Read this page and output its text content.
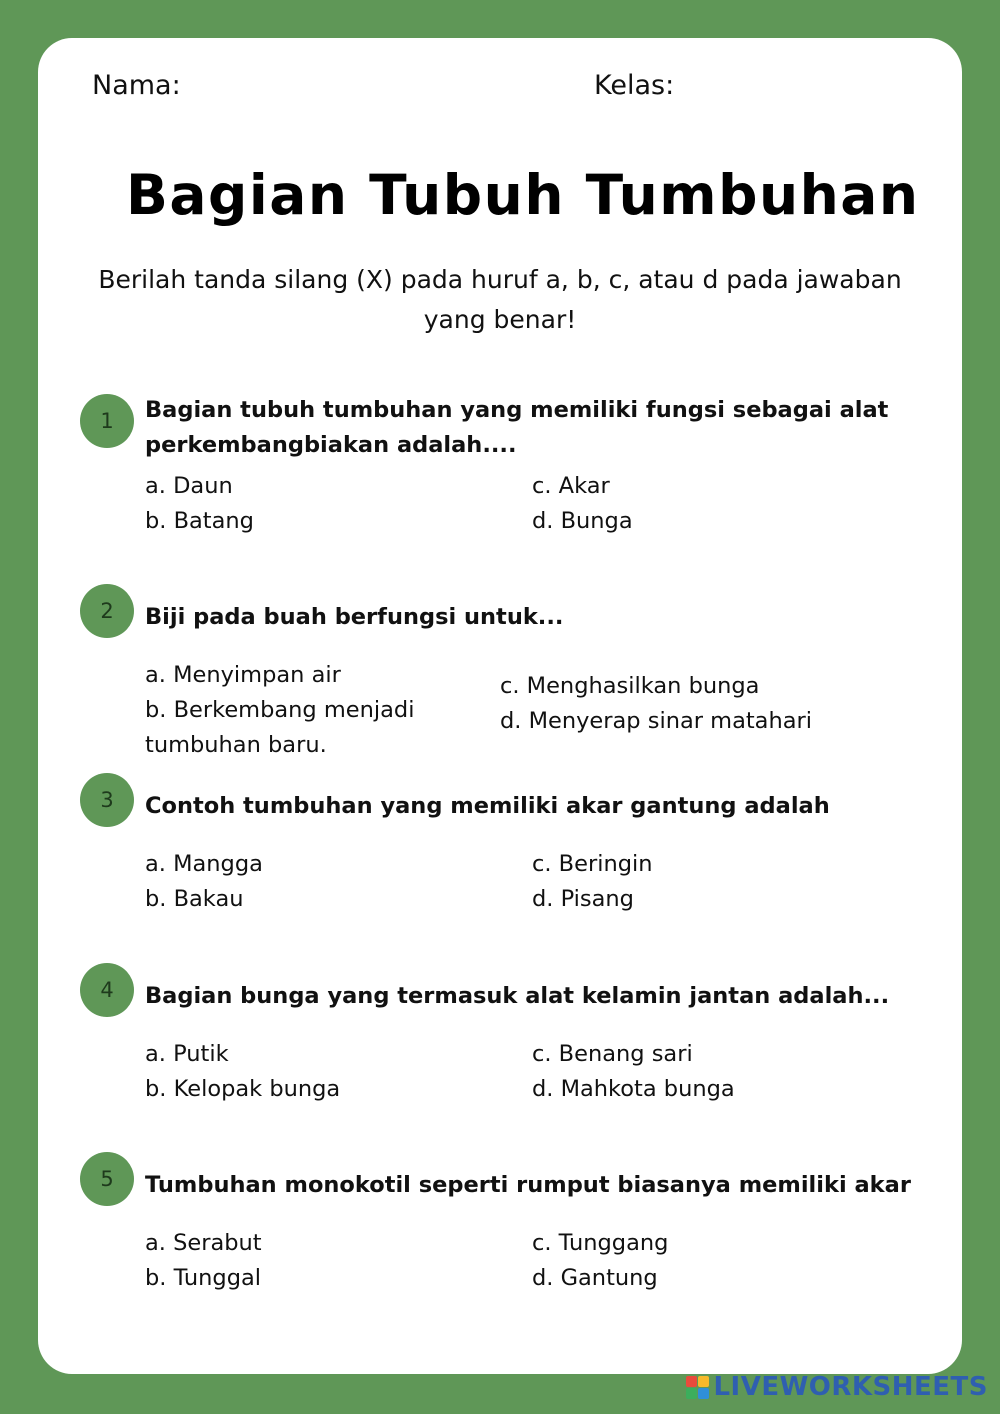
Nama:	Kelas:
Bagian Tubuh Tumbuhan
Berilah tanda silang (X) pada huruf a, b, c, atau d pada jawaban yang benar!
1	Bagian tubuh tumbuhan yang memiliki fungsi sebagai alat perkembangbiakan adalah....
a. Daun
b. Batang
c. Akar
d. Bunga
2	Biji pada buah berfungsi untuk...
a. Menyimpan air
b. Berkembang menjadi tumbuhan baru.
c. Menghasilkan bunga
d. Menyerap sinar matahari
3	Contoh tumbuhan yang memiliki akar gantung adalah
a. Mangga
b. Bakau
c. Beringin
d. Pisang
4	Bagian bunga yang termasuk alat kelamin jantan adalah...
a. Putik
b. Kelopak bunga
c. Benang sari
d. Mahkota bunga
5	Tumbuhan monokotil seperti rumput biasanya memiliki akar
a. Serabut
b. Tunggal
c. Tunggang
d. Gantung
LIVEWORKSHEETS
